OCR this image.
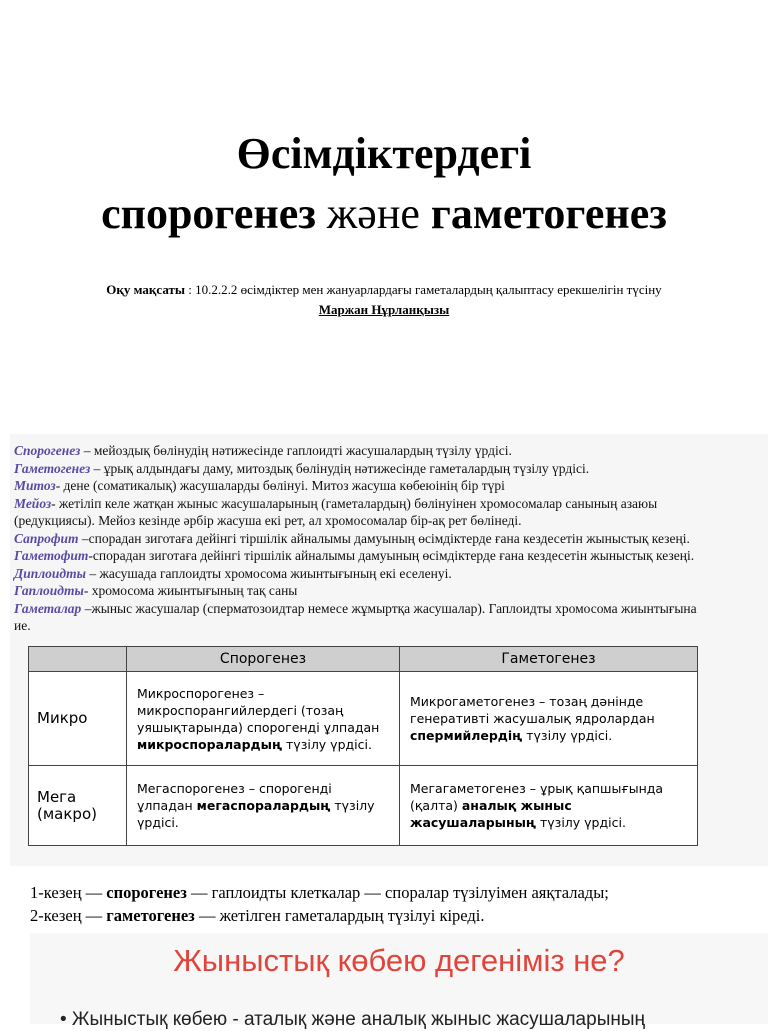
Өсімдіктердегі
спорогенез және гаметогенез
Оқу мақсаты : 10.2.2.2 өсімдіктер мен жануарлардағы гаметалардың қалыптасу ерекшелігін түсіну
Маржан Нұрланқызы
Спорогенез – мейоздық бөлінудің нәтижесінде гаплоидті жасушалардың түзілу үрдісі.
Гаметогенез – ұрық алдындағы даму, митоздық бөлінудің нәтижесінде гаметалардың түзілу үрдісі.
Митоз- дене (соматикалық) жасушаларды бөлінуі. Митоз жасуша көбеюінің бір түрі
Мейоз- жетіліп келе жатқан жыныс жасушаларының (гаметалардың) бөлінуінен хромосомалар санының азаюы
(редукциясы). Мейоз кезінде әрбір жасуша екі рет, ал хромосомалар бір-ақ рет бөлінеді.
Сапрофит –спорадан зиготаға дейінгі тіршілік айналымы дамуының өсімдіктерде ғана кездесетін жыныстық кезеңі.
Гаметофит-спорадан зиготаға дейінгі тіршілік айналымы дамуының өсімдіктерде ғана кездесетін жыныстық кезеңі.
Диплоидты – жасушада гаплоидты хромосома жиынтығының екі еселенуі.
Гаплоидты- хромосома жиынтығының тақ саны
Гаметалар –жыныс жасушалар (сперматозоидтар немесе жұмыртқа жасушалар). Гаплоидты хромосома жиынтығына
ие.
	Спорогенез	Гаметогенез
Микро	Микроспорогенез – микроспорангийлердегі (тозаң уяшықтарында) спорогенді ұлпадан микроспоралардың түзілу үрдісі.	Микрогаметогенез – тозаң дәнінде генеративті жасушалық ядролардан спермийлердің түзілу үрдісі.
Мега (макро)	Мегаспорогенез – спорогенді ұлпадан мегаспоралардың түзілу үрдісі.	Мегагаметогенез – ұрық қапшығында (қалта) аналық жыныс жасушаларының түзілу үрдісі.
1-кезең — спорогенез — гаплоидты клеткалар — споралар түзілуімен аяқталады;
2-кезең — гаметогенез — жетілген гаметалардың түзілуі кіреді.
Жыныстық көбею дегеніміз не?
• Жыныстық көбею - аталық және аналық жыныс жасушаларының
